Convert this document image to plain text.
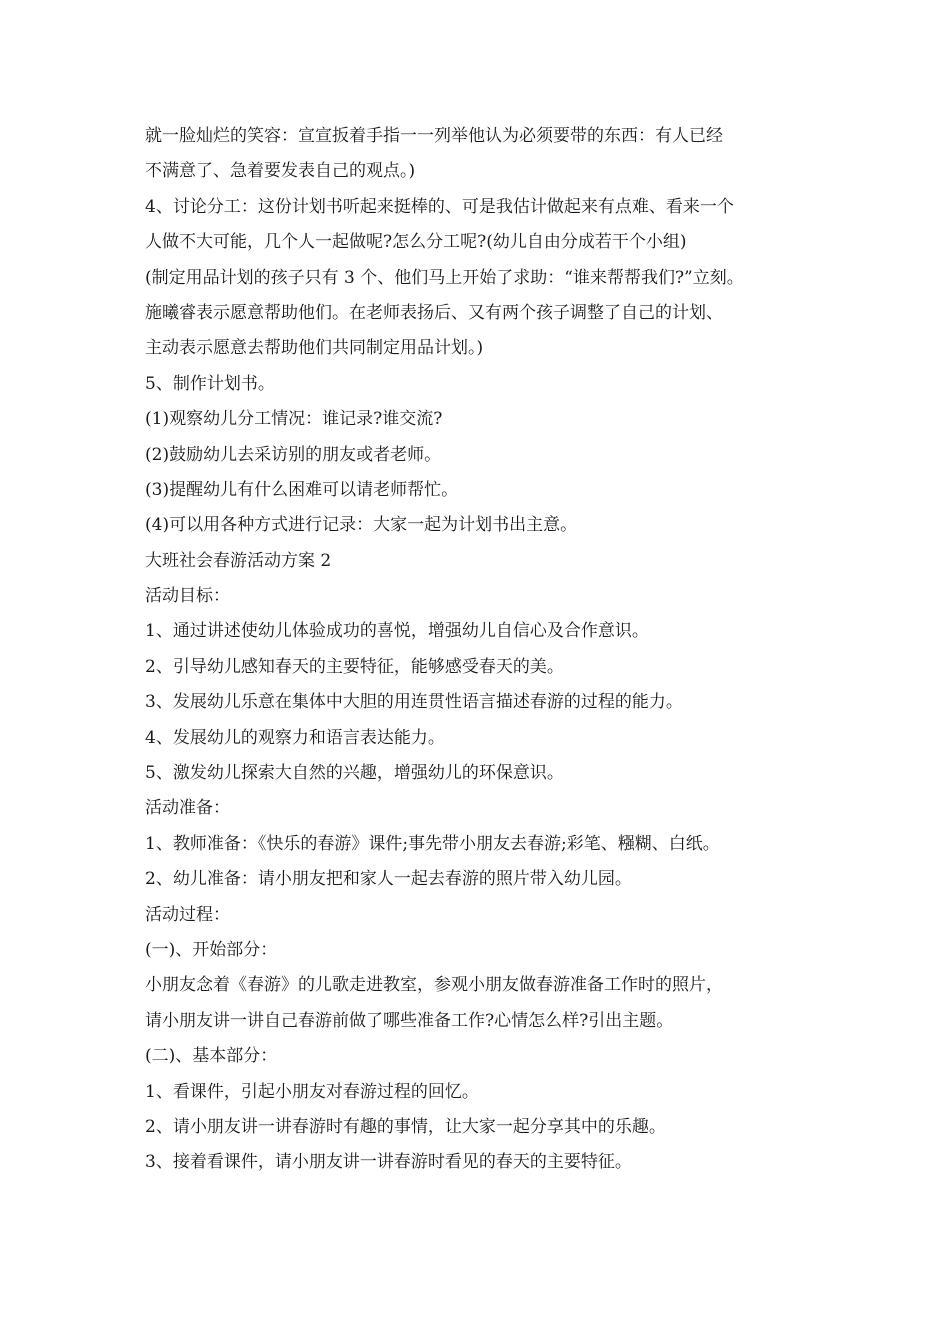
就一脸灿烂的笑容：宣宣扳着手指一一列举他认为必须要带的东西：有人已经

不满意了、急着要发表自己的观点。)

4、讨论分工：这份计划书听起来挺棒的、可是我估计做起来有点难、看来一个

人做不大可能，几个人一起做呢?怎么分工呢?(幼儿自由分成若干个小组)

(制定用品计划的孩子只有 3 个、他们马上开始了求助：“谁来帮帮我们?”立刻。

施曦睿表示愿意帮助他们。在老师表扬后、又有两个孩子调整了自己的计划、

主动表示愿意去帮助他们共同制定用品计划。)

5、制作计划书。

(1)观察幼儿分工情况：谁记录?谁交流?

(2)鼓励幼儿去采访别的朋友或者老师。

(3)提醒幼儿有什么困难可以请老师帮忙。

(4)可以用各种方式进行记录：大家一起为计划书出主意。

大班社会春游活动方案 2

活动目标：

1、通过讲述使幼儿体验成功的喜悦，增强幼儿自信心及合作意识。

2、引导幼儿感知春天的主要特征，能够感受春天的美。

3、发展幼儿乐意在集体中大胆的用连贯性语言描述春游的过程的能力。

4、发展幼儿的观察力和语言表达能力。

5、激发幼儿探索大自然的兴趣，增强幼儿的环保意识。

活动准备：

1、教师准备：《快乐的春游》课件;事先带小朋友去春游;彩笔、糨糊、白纸。

2、幼儿准备：请小朋友把和家人一起去春游的照片带入幼儿园。

活动过程：

(一)、开始部分：

小朋友念着《春游》的儿歌走进教室，参观小朋友做春游准备工作时的照片，

请小朋友讲一讲自己春游前做了哪些准备工作?心情怎么样?引出主题。

(二)、基本部分：

1、看课件，引起小朋友对春游过程的回忆。

2、请小朋友讲一讲春游时有趣的事情，让大家一起分享其中的乐趣。

3、接着看课件，请小朋友讲一讲春游时看见的春天的主要特征。
